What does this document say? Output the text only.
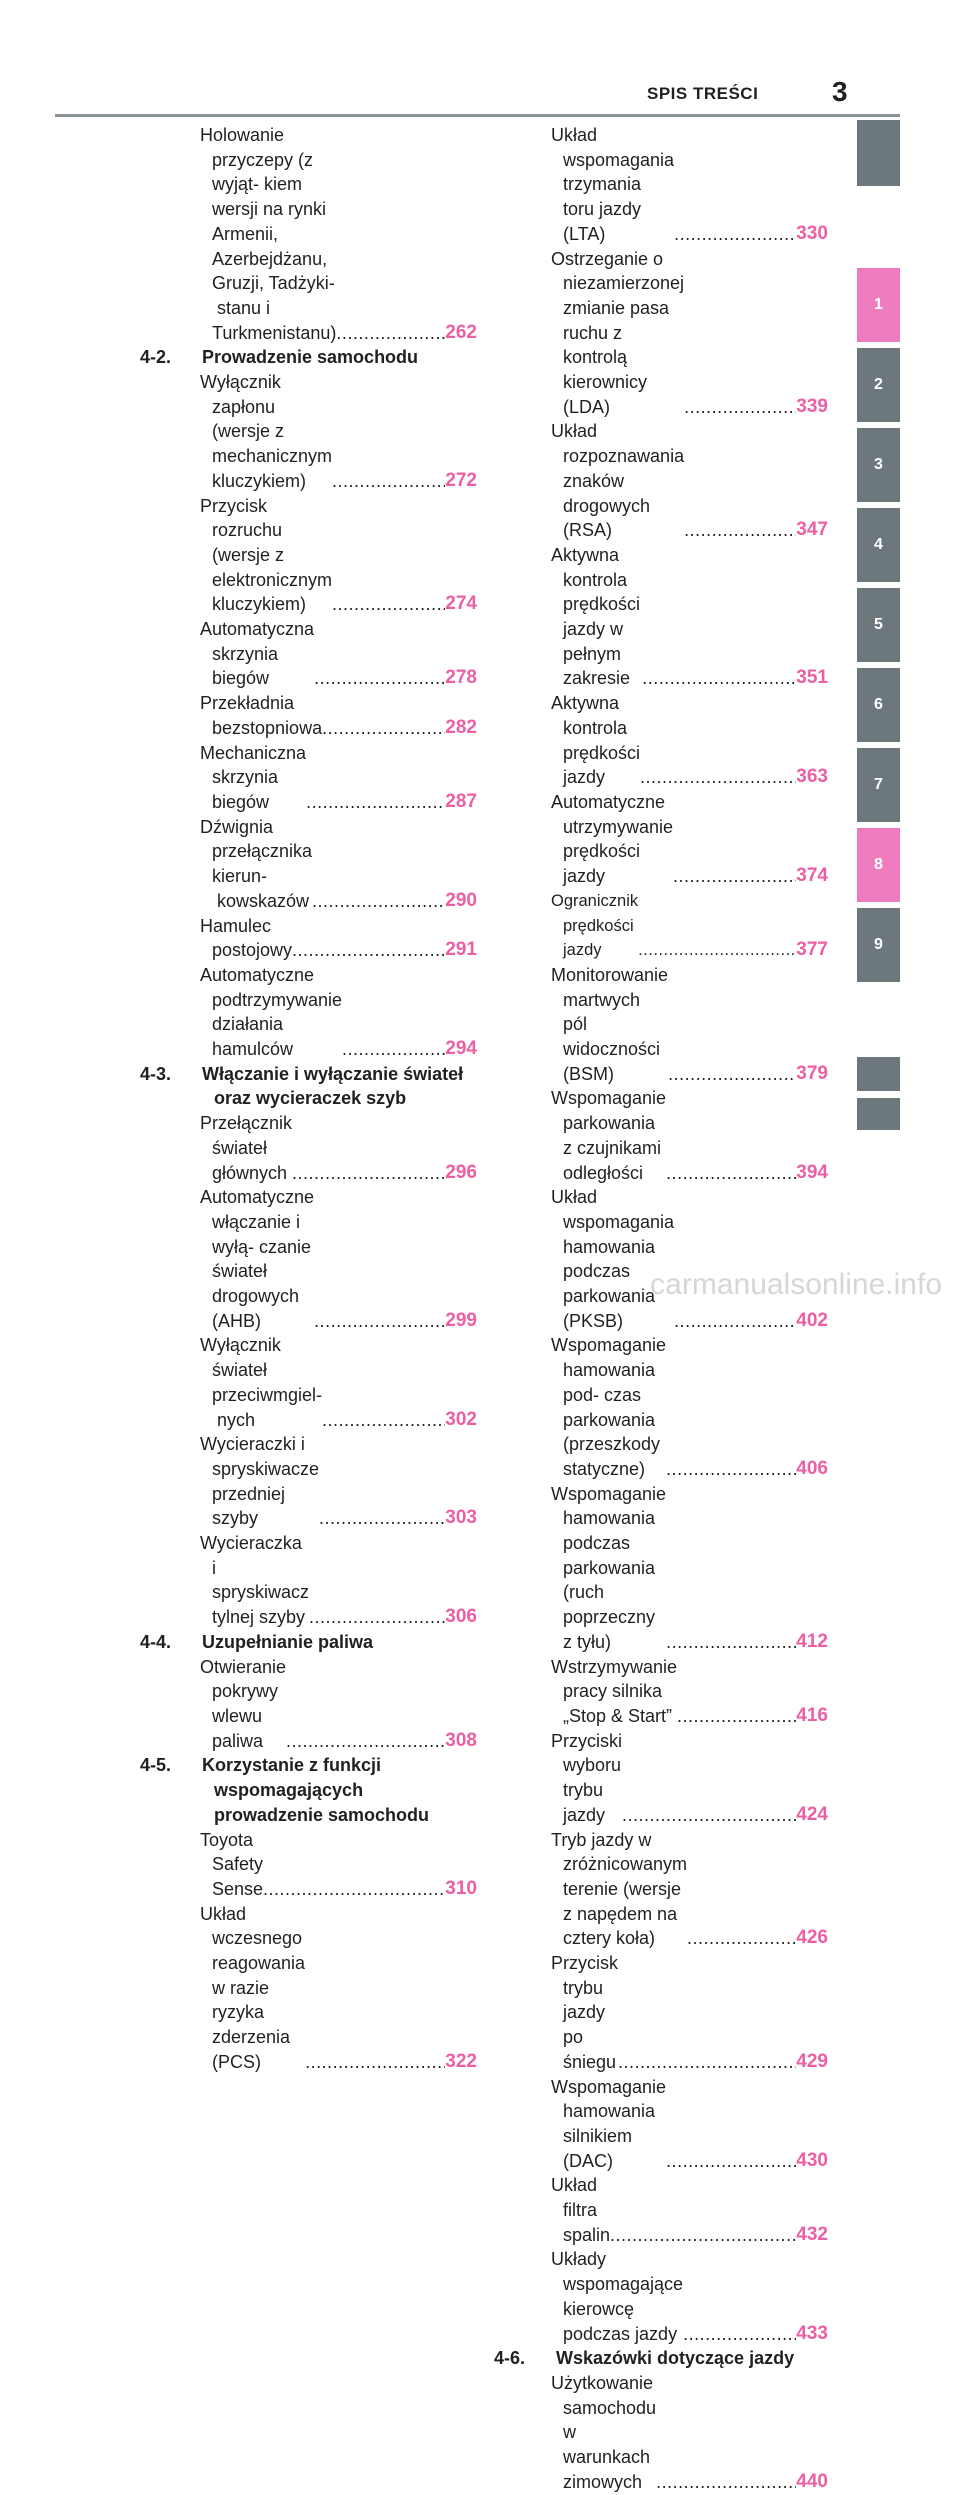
SPIS TREŚCI	3
Holowanie przyczepy (z wyjąt- kiem wersji na rynki Armenii, Azerbejdżanu, Gruzji, Tadżyki- stanu i Turkmenistanu) .....	262
4-2.	Prowadzenie samochodu
Wyłącznik zapłonu (wersje z mechanicznym kluczykiem) .....	272
Przycisk rozruchu (wersje z elektronicznym kluczykiem) .....	274
Automatyczna skrzynia biegów .....	278
Przekładnia bezstopniowa .....	282
Mechaniczna skrzynia biegów .....	287
Dźwignia przełącznika kierun- kowskazów .....	290
Hamulec postojowy .....	291
Automatyczne podtrzymywanie działania hamulców .....	294
4-3.	Włączanie i wyłączanie świateł oraz wycieraczek szyb
Przełącznik świateł głównych .....	296
Automatyczne włączanie i wyłą- czanie świateł drogowych (AHB) .....	299
Wyłącznik świateł przeciwmgiel- nych .....	302
Wycieraczki i spryskiwacze przedniej szyby .....	303
Wycieraczka i spryskiwacz tylnej szyby .....	306
4-4.	Uzupełnianie paliwa
Otwieranie pokrywy wlewu paliwa .....	308
4-5.	Korzystanie z funkcji wspomagających prowadzenie samochodu
Toyota Safety Sense .....	310
Układ wczesnego reagowania w razie ryzyka zderzenia (PCS) .....	322
Układ wspomagania trzymania toru jazdy (LTA) .....	330
Ostrzeganie o niezamierzonej zmianie pasa ruchu z kontrolą kierownicy (LDA) .....	339
Układ rozpoznawania znaków drogowych (RSA) .....	347
Aktywna kontrola prędkości jazdy w pełnym zakresie .....	351
Aktywna kontrola prędkości jazdy .....	363
Automatyczne utrzymywanie prędkości jazdy .....	374
Ogranicznik prędkości jazdy .....	377
Monitorowanie martwych pól widoczności (BSM) .....	379
Wspomaganie parkowania z czujnikami odległości .....	394
Układ wspomagania hamowania podczas parkowania (PKSB) .....	402
Wspomaganie hamowania pod- czas parkowania (przeszkody statyczne) .....	406
Wspomaganie hamowania podczas parkowania (ruch poprzeczny z tyłu) .....	412
Wstrzymywanie pracy silnika „Stop & Start” .....	416
Przyciski wyboru trybu jazdy .....	424
Tryb jazdy w zróżnicowanym terenie (wersje z napędem na cztery koła) .....	426
Przycisk trybu jazdy po śniegu .....	429
Wspomaganie hamowania silnikiem (DAC) .....	430
Układ filtra spalin .....	432
Układy wspomagające kierowcę podczas jazdy .....	433
4-6.	Wskazówki dotyczące jazdy
Użytkowanie samochodu w warunkach zimowych .....	440
1
2
3
4
5
6
7
8
9
carmanualsonline.info
